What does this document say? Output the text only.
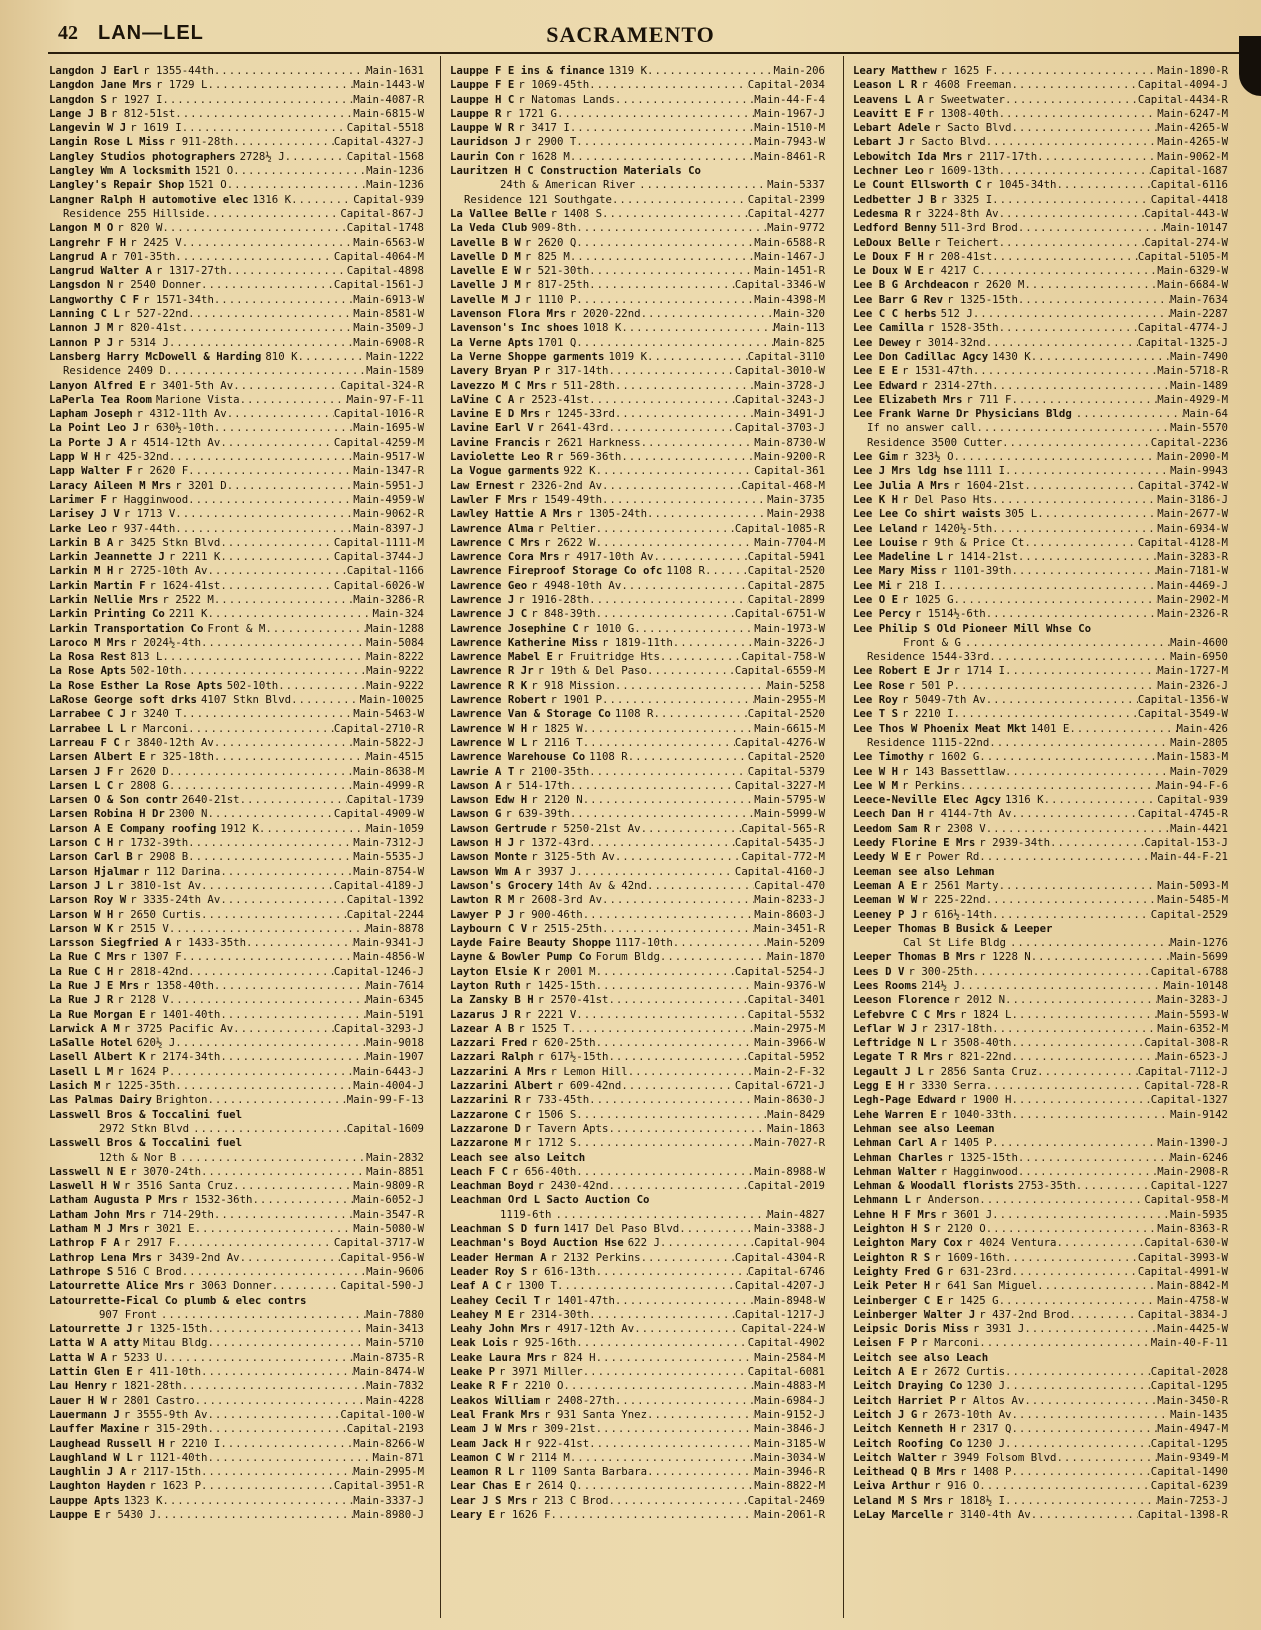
42 LAN—LEL	SACRAMENTO
Langdon J Earl r 1355-44th .....	Main-1631
Langdon Jane Mrs r 1729 L .....	Main-1443-W
Langdon S r 1927 I .....	Main-4087-R
Lange J B r 812-51st .....	Main-6815-W
Langevin W J r 1619 I .....	Capital-5518
Langin Rose L Miss r 911-28th .....	Capital-4327-J
Langley Studios photographers 2728½ J .....	Capital-1568
Langley Wm A locksmith 1521 O .....	Main-1236
Langley's Repair Shop 1521 O .....	Main-1236
Langner Ralph H automotive elec 1316 K .....	Capital-939
Residence 255 Hillside .....	Capital-867-J
Langon M O r 820 W .....	Capital-1748
Langrehr F H r 2425 V .....	Main-6563-W
Langrud A r 701-35th .....	Capital-4064-M
Langrud Walter A r 1317-27th .....	Capital-4898
Langsdon N r 2540 Donner .....	Capital-1561-J
Langworthy C F r 1571-34th .....	Main-6913-W
Lanning C L r 527-22nd .....	Main-8581-W
Lannon J M r 820-41st .....	Main-3509-J
Lannon P J r 5314 J .....	Main-6908-R
Lansberg Harry McDowell & Harding 810 K .....	Main-1222
Residence 2409 D .....	Main-1589
Lanyon Alfred E r 3401-5th Av .....	Capital-324-R
LaPerla Tea Room Marione Vista .....	Main-97-F-11
Lapham Joseph r 4312-11th Av .....	Capital-1016-R
La Point Leo J r 630½-10th .....	Main-1695-W
La Porte J A r 4514-12th Av .....	Capital-4259-M
Lapp W H r 425-32nd .....	Main-9517-W
Lapp Walter F r 2620 F .....	Main-1347-R
Laracy Aileen M Mrs r 3201 D .....	Main-5951-J
Larimer F r Hagginwood .....	Main-4959-W
Larisey J V r 1713 V .....	Main-9062-R
Larke Leo r 937-44th .....	Main-8397-J
Larkin B A r 3425 Stkn Blvd .....	Capital-1111-M
Larkin Jeannette J r 2211 K .....	Capital-3744-J
Larkin M H r 2725-10th Av .....	Capital-1166
Larkin Martin F r 1624-41st .....	Capital-6026-W
Larkin Nellie Mrs r 2522 M .....	Main-3286-R
Larkin Printing Co 2211 K .....	Main-324
Larkin Transportation Co Front & M .....	Main-1288
Laroco M Mrs r 2024½-4th .....	Main-5084
La Rosa Rest 813 L .....	Main-8222
La Rose Apts 502-10th .....	Main-9222
La Rose Esther La Rose Apts 502-10th .....	Main-9222
LaRose George soft drks 4107 Stkn Blvd .....	Main-10025
Larrabee C J r 3240 T .....	Main-5463-W
Larrabee L L r Marconi .....	Capital-2710-R
Larreau F C r 3840-12th Av .....	Main-5822-J
Larsen Albert E r 325-18th .....	Main-4515
Larsen J F r 2620 D .....	Main-8638-M
Larsen L C r 2808 G .....	Main-4999-R
Larsen O & Son contr 2640-21st .....	Capital-1739
Larsen Robina H Dr 2300 N .....	Capital-4909-W
Larson A E Company roofing 1912 K .....	Main-1059
Larson C H r 1732-39th .....	Main-7312-J
Larson Carl B r 2908 B .....	Main-5535-J
Larson Hjalmar r 112 Darina .....	Main-8754-W
Larson J L r 3810-1st Av .....	Capital-4189-J
Larson Roy W r 3335-24th Av .....	Capital-1392
Larson W H r 2650 Curtis .....	Capital-2244
Larson W K r 2515 V .....	Main-8878
Larsson Siegfried A r 1433-35th .....	Main-9341-J
La Rue C Mrs r 1307 F .....	Main-4856-W
La Rue C H r 2818-42nd .....	Capital-1246-J
La Rue J E Mrs r 1358-40th .....	Main-7614
La Rue J R r 2128 V .....	Main-6345
La Rue Morgan E r 1401-40th .....	Main-5191
Larwick A M r 3725 Pacific Av .....	Capital-3293-J
LaSalle Hotel 620½ J .....	Main-9018
Lasell Albert K r 2174-34th .....	Main-1907
Lasell L M r 1624 P .....	Main-6443-J
Lasich M r 1225-35th .....	Main-4004-J
Las Palmas Dairy Brighton .....	Main-99-F-13
Lasswell Bros & Toccalini fuel
2972 Stkn Blvd .....	Capital-1609
Lasswell Bros & Toccalini fuel
12th & Nor B .....	Main-2832
Lasswell N E r 3070-24th .....	Main-8851
Laswell H W r 3516 Santa Cruz .....	Main-9809-R
Latham Augusta P Mrs r 1532-36th .....	Main-6052-J
Latham John Mrs r 714-29th .....	Main-3547-R
Latham M J Mrs r 3021 E .....	Main-5080-W
Lathrop F A r 2917 F .....	Capital-3717-W
Lathrop Lena Mrs r 3439-2nd Av .....	Capital-956-W
Lathrope S 516 C Brod .....	Main-9606
Latourrette Alice Mrs r 3063 Donner .....	Capital-590-J
Latourrette-Fical Co plumb & elec contrs
907 Front .....	Main-7880
Latourrette J r 1325-15th .....	Main-3413
Latta W A atty Mitau Bldg .....	Main-5710
Latta W A r 5233 U .....	Main-8735-R
Lattin Glen E r 411-10th .....	Main-8474-W
Lau Henry r 1821-28th .....	Main-7832
Lauer H W r 2801 Castro .....	Main-4228
Lauermann J r 3555-9th Av .....	Capital-100-W
Lauffer Maxine r 315-29th .....	Capital-2193
Laughead Russell H r 2210 I .....	Main-8266-W
Laughland W L r 1121-40th .....	Main-871
Laughlin J A r 2117-15th .....	Main-2995-M
Laughton Hayden r 1623 P .....	Capital-3951-R
Lauppe Apts 1323 K .....	Main-3337-J
Lauppe E r 5430 J .....	Main-8980-J
Lauppe F E ins & finance 1319 K .....	Main-206
Lauppe F E r 1069-45th .....	Capital-2034
Lauppe H C r Natomas Lands .....	Main-44-F-4
Lauppe R r 1721 G .....	Main-1967-J
Lauppe W R r 3417 I .....	Main-1510-M
Lauridson J r 2900 T .....	Main-7943-W
Laurin Con r 1628 M .....	Main-8461-R
Lauritzen H C Construction Materials Co
24th & American River .....	Main-5337
Residence 121 Southgate .....	Capital-2399
La Vallee Belle r 1408 S .....	Capital-4277
La Veda Club 909-8th .....	Main-9772
Lavelle B W r 2620 Q .....	Main-6588-R
Lavelle D M r 825 M .....	Main-1467-J
Lavelle E W r 521-30th .....	Main-1451-R
Lavelle J M r 817-25th .....	Capital-3346-W
Lavelle M J r 1110 P .....	Main-4398-M
Lavenson Flora Mrs r 2020-22nd .....	Main-320
Lavenson's Inc shoes 1018 K .....	Main-113
La Verne Apts 1701 Q .....	Main-825
La Verne Shoppe garments 1019 K .....	Capital-3110
Lavery Bryan P r 317-14th .....	Capital-3010-W
Lavezzo M C Mrs r 511-28th .....	Main-3728-J
LaVine C A r 2523-41st .....	Capital-3243-J
Lavine E D Mrs r 1245-33rd .....	Main-3491-J
Lavine Earl V r 2641-43rd .....	Capital-3703-J
Lavine Francis r 2621 Harkness .....	Main-8730-W
Laviolette Leo R r 569-36th .....	Main-9200-R
La Vogue garments 922 K .....	Capital-361
Law Ernest r 2326-2nd Av .....	Capital-468-M
Lawler F Mrs r 1549-49th .....	Main-3735
Lawley Hattie A Mrs r 1305-24th .....	Main-2938
Lawrence Alma r Peltier .....	Capital-1085-R
Lawrence C Mrs r 2622 W .....	Main-7704-M
Lawrence Cora Mrs r 4917-10th Av .....	Capital-5941
Lawrence Fireproof Storage Co ofc 1108 R .....	Capital-2520
Lawrence Geo r 4948-10th Av .....	Capital-2875
Lawrence J r 1916-28th .....	Capital-2899
Lawrence J C r 848-39th .....	Capital-6751-W
Lawrence Josephine C r 1010 G .....	Main-1973-W
Lawrence Katherine Miss r 1819-11th .....	Main-3226-J
Lawrence Mabel E r Fruitridge Hts .....	Capital-758-W
Lawrence R Jr r 19th & Del Paso .....	Capital-6559-M
Lawrence R K r 918 Mission .....	Main-5258
Lawrence Robert r 1901 P .....	Main-2955-M
Lawrence Van & Storage Co 1108 R .....	Capital-2520
Lawrence W H r 1825 W .....	Main-6615-M
Lawrence W L r 2116 T .....	Capital-4276-W
Lawrence Warehouse Co 1108 R .....	Capital-2520
Lawrie A T r 2100-35th .....	Capital-5379
Lawson A r 514-17th .....	Capital-3227-M
Lawson Edw H r 2120 N .....	Main-5795-W
Lawson G r 639-39th .....	Main-5999-W
Lawson Gertrude r 5250-21st Av .....	Capital-565-R
Lawson H J r 1372-43rd .....	Capital-5435-J
Lawson Monte r 3125-5th Av .....	Capital-772-M
Lawson Wm A r 3937 J .....	Capital-4160-J
Lawson's Grocery 14th Av & 42nd .....	Capital-470
Lawton R M r 2608-3rd Av .....	Main-8233-J
Lawyer P J r 900-46th .....	Main-8603-J
Laybourn C V r 2515-25th .....	Main-3451-R
Layde Faire Beauty Shoppe 1117-10th .....	Main-5209
Layne & Bowler Pump Co Forum Bldg .....	Main-1870
Layton Elsie K r 2001 M .....	Capital-5254-J
Layton Ruth r 1425-15th .....	Main-9376-W
La Zansky B H r 2570-41st .....	Capital-3401
Lazarus J R r 2221 V .....	Capital-5532
Lazear A B r 1525 T .....	Main-2975-M
Lazzari Fred r 620-25th .....	Main-3966-W
Lazzari Ralph r 617½-15th .....	Capital-5952
Lazzarini A Mrs r Lemon Hill .....	Main-2-F-32
Lazzarini Albert r 609-42nd .....	Capital-6721-J
Lazzarini R r 733-45th .....	Main-8630-J
Lazzarone C r 1506 S .....	Main-8429
Lazzarone D r Tavern Apts .....	Main-1863
Lazzarone M r 1712 S .....	Main-7027-R
Leach see also Leitch
Leach F C r 656-40th .....	Main-8988-W
Leachman Boyd r 2430-42nd .....	Capital-2019
Leachman Ord L Sacto Auction Co
1119-6th .....	Main-4827
Leachman S D furn 1417 Del Paso Blvd .....	Main-3388-J
Leachman's Boyd Auction Hse 622 J .....	Capital-904
Leader Herman A r 2132 Perkins .....	Capital-4304-R
Leader Roy S r 616-13th .....	Capital-6746
Leaf A C r 1300 T .....	Capital-4207-J
Leahey Cecil T r 1401-47th .....	Main-8948-W
Leahey M E r 2314-30th .....	Capital-1217-J
Leahy John Mrs r 4917-12th Av .....	Capital-224-W
Leak Lois r 925-16th .....	Capital-4902
Leake Laura Mrs r 824 H .....	Main-2584-M
Leake P r 3971 Miller .....	Capital-6081
Leake R F r 2210 O .....	Main-4883-M
Leakos William r 2408-27th .....	Main-6984-J
Leal Frank Mrs r 931 Santa Ynez .....	Main-9152-J
Leam J W Mrs r 309-21st .....	Main-3846-J
Leam Jack H r 922-41st .....	Main-3185-W
Leamon C W r 2114 M .....	Main-3034-W
Leamon R L r 1109 Santa Barbara .....	Main-3946-R
Lear Chas E r 2614 Q .....	Main-8822-M
Lear J S Mrs r 213 C Brod .....	Capital-2469
Leary E r 1626 F .....	Main-2061-R
Leary Matthew r 1625 F .....	Main-1890-R
Leason L R r 4608 Freeman .....	Capital-4094-J
Leavens L A r Sweetwater .....	Capital-4434-R
Leavitt E F r 1308-40th .....	Main-6247-M
Lebart Adele r Sacto Blvd .....	Main-4265-W
Lebart J r Sacto Blvd .....	Main-4265-W
Lebowitch Ida Mrs r 2117-17th .....	Main-9062-M
Lechner Leo r 1609-13th .....	Capital-1687
Le Count Ellsworth C r 1045-34th .....	Capital-6116
Ledbetter J B r 3325 I .....	Capital-4418
Ledesma R r 3224-8th Av .....	Capital-443-W
Ledford Benny 511-3rd Brod .....	Main-10147
LeDoux Belle r Teichert .....	Capital-274-W
Le Doux F H r 208-41st .....	Capital-5105-M
Le Doux W E r 4217 C .....	Main-6329-W
Lee B G Archdeacon r 2620 M .....	Main-6684-W
Lee Barr G Rev r 1325-15th .....	Main-7634
Lee C C herbs 512 J .....	Main-2287
Lee Camilla r 1528-35th .....	Capital-4774-J
Lee Dewey r 3014-32nd .....	Capital-1325-J
Lee Don Cadillac Agcy 1430 K .....	Main-7490
Lee E E r 1531-47th .....	Main-5718-R
Lee Edward r 2314-27th .....	Main-1489
Lee Elizabeth Mrs r 711 F .....	Main-4929-M
Lee Frank Warne Dr Physicians Bldg .....	Main-64
If no answer call .....	Main-5570
Residence 3500 Cutter .....	Capital-2236
Lee Gim r 323½ O .....	Main-2090-M
Lee J Mrs ldg hse 1111 I .....	Main-9943
Lee Julia A Mrs r 1604-21st .....	Capital-3742-W
Lee K H r Del Paso Hts .....	Main-3186-J
Lee Lee Co shirt waists 305 L .....	Main-2677-W
Lee Leland r 1420½-5th .....	Main-6934-W
Lee Louise r 9th & Price Ct .....	Capital-4128-M
Lee Madeline L r 1414-21st .....	Main-3283-R
Lee Mary Miss r 1101-39th .....	Main-7181-W
Lee Mi r 218 I .....	Main-4469-J
Lee O E r 1025 G .....	Main-2902-M
Lee Percy r 1514½-6th .....	Main-2326-R
Lee Philip S Old Pioneer Mill Whse Co
Front & G .....	Main-4600
Residence 1544-33rd .....	Main-6950
Lee Robert E Jr r 1714 I .....	Main-1727-M
Lee Rose r 501 P .....	Main-2326-J
Lee Roy r 5049-7th Av .....	Capital-1356-W
Lee T S r 2210 I .....	Capital-3549-W
Lee Thos W Phoenix Meat Mkt 1401 E .....	Main-426
Residence 1115-22nd .....	Main-2805
Lee Timothy r 1602 G .....	Main-1583-M
Lee W H r 143 Bassettlaw .....	Main-7029
Lee W M r Perkins .....	Main-94-F-6
Leece-Neville Elec Agcy 1316 K .....	Capital-939
Leech Dan H r 4144-7th Av .....	Capital-4745-R
Leedom Sam R r 2308 V .....	Main-4421
Leedy Florine E Mrs r 2939-34th .....	Capital-153-J
Leedy W E r Power Rd .....	Main-44-F-21
Leeman see also Lehman
Leeman A E r 2561 Marty .....	Main-5093-M
Leeman W W r 225-22nd .....	Main-5485-M
Leeney P J r 616½-14th .....	Capital-2529
Leeper Thomas B Busick & Leeper
Cal St Life Bldg .....	Main-1276
Leeper Thomas B Mrs r 1228 N .....	Main-5699
Lees D V r 300-25th .....	Capital-6788
Lees Rooms 214½ J .....	Main-10148
Leeson Florence r 2012 N .....	Main-3283-J
Lefebvre C C Mrs r 1824 L .....	Main-5593-W
Leflar W J r 2317-18th .....	Main-6352-M
Leftridge N L r 3508-40th .....	Capital-308-R
Legate T R Mrs r 821-22nd .....	Main-6523-J
Legault J L r 2856 Santa Cruz .....	Capital-7112-J
Legg E H r 3330 Serra .....	Capital-728-R
Legh-Page Edward r 1900 H .....	Capital-1327
Lehe Warren E r 1040-33th .....	Main-9142
Lehman see also Leeman
Lehman Carl A r 1405 P .....	Main-1390-J
Lehman Charles r 1325-15th .....	Main-6246
Lehman Walter r Hagginwood .....	Main-2908-R
Lehman & Woodall florists 2753-35th .....	Capital-1227
Lehmann L r Anderson .....	Capital-958-M
Lehne H F Mrs r 3601 J .....	Main-5935
Leighton H S r 2120 O .....	Main-8363-R
Leighton Mary Cox r 4024 Ventura .....	Capital-630-W
Leighton R S r 1609-16th .....	Capital-3993-W
Leighty Fred G r 631-23rd .....	Capital-4991-W
Leik Peter H r 641 San Miguel .....	Main-8842-M
Leinberger C E r 1425 G .....	Main-4758-W
Leinberger Walter J r 437-2nd Brod .....	Capital-3834-J
Leipsic Doris Miss r 3931 J .....	Main-4425-W
Leisen F P r Marconi .....	Main-40-F-11
Leitch see also Leach
Leitch A E r 2672 Curtis .....	Capital-2028
Leitch Draying Co 1230 J .....	Capital-1295
Leitch Harriet P r Altos Av .....	Main-3450-R
Leitch J G r 2673-10th Av .....	Main-1435
Leitch Kenneth H r 2317 Q .....	Main-4947-M
Leitch Roofing Co 1230 J .....	Capital-1295
Leitch Walter r 3949 Folsom Blvd .....	Main-9349-M
Leithead Q B Mrs r 1408 P .....	Capital-1490
Leiva Arthur r 916 O .....	Capital-6239
Leland M S Mrs r 1818½ I .....	Main-7253-J
LeLay Marcelle r 3140-4th Av .....	Capital-1398-R
